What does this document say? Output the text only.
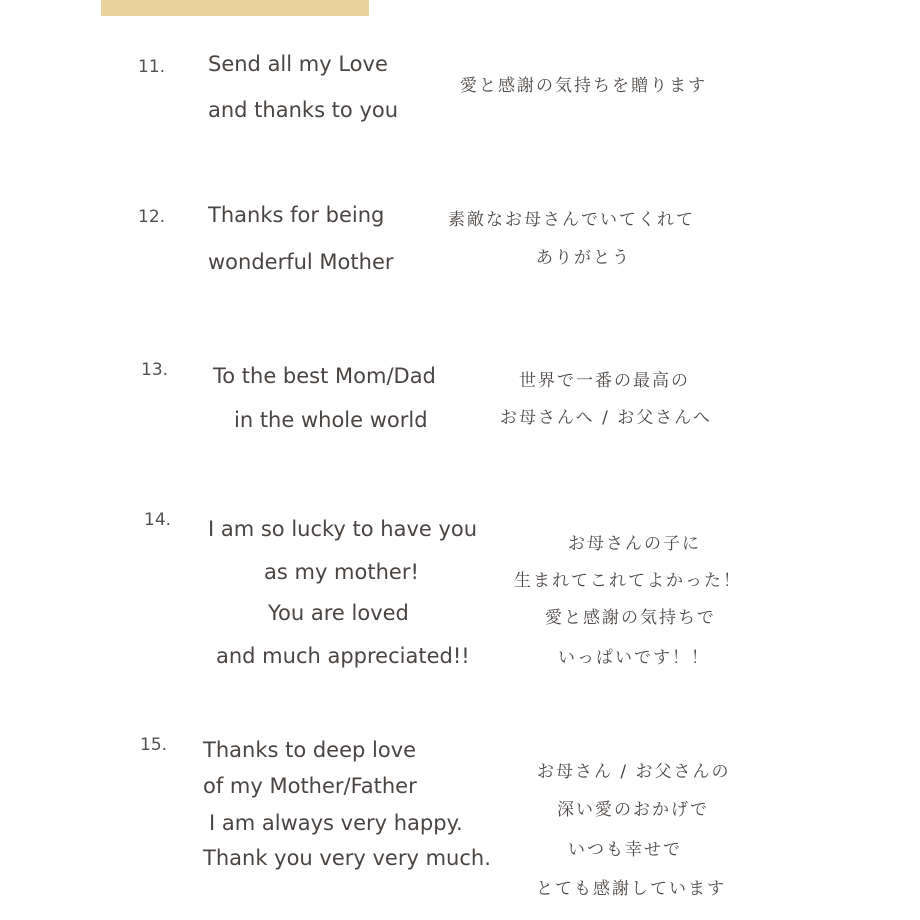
11. Send all my Love
and thanks to you
愛と感謝の気持ちを贈ります
12. Thanks for being
wonderful Mother
素敵なお母さんでいてくれて
ありがとう
13. To the best Mom/Dad
in the whole world
世界で一番の最高の
お母さんへ / お父さんへ
14. I am so lucky to have you
as my mother!
You are loved
and much appreciated!!
お母さんの子に
生まれてこれてよかった！
愛と感謝の気持ちで
いっぱいです！！
15. Thanks to deep love
of my Mother/Father
I am always very happy.
Thank you very very much.
お母さん / お父さんの
深い愛のおかげで
いつも幸せで
とても感謝しています
